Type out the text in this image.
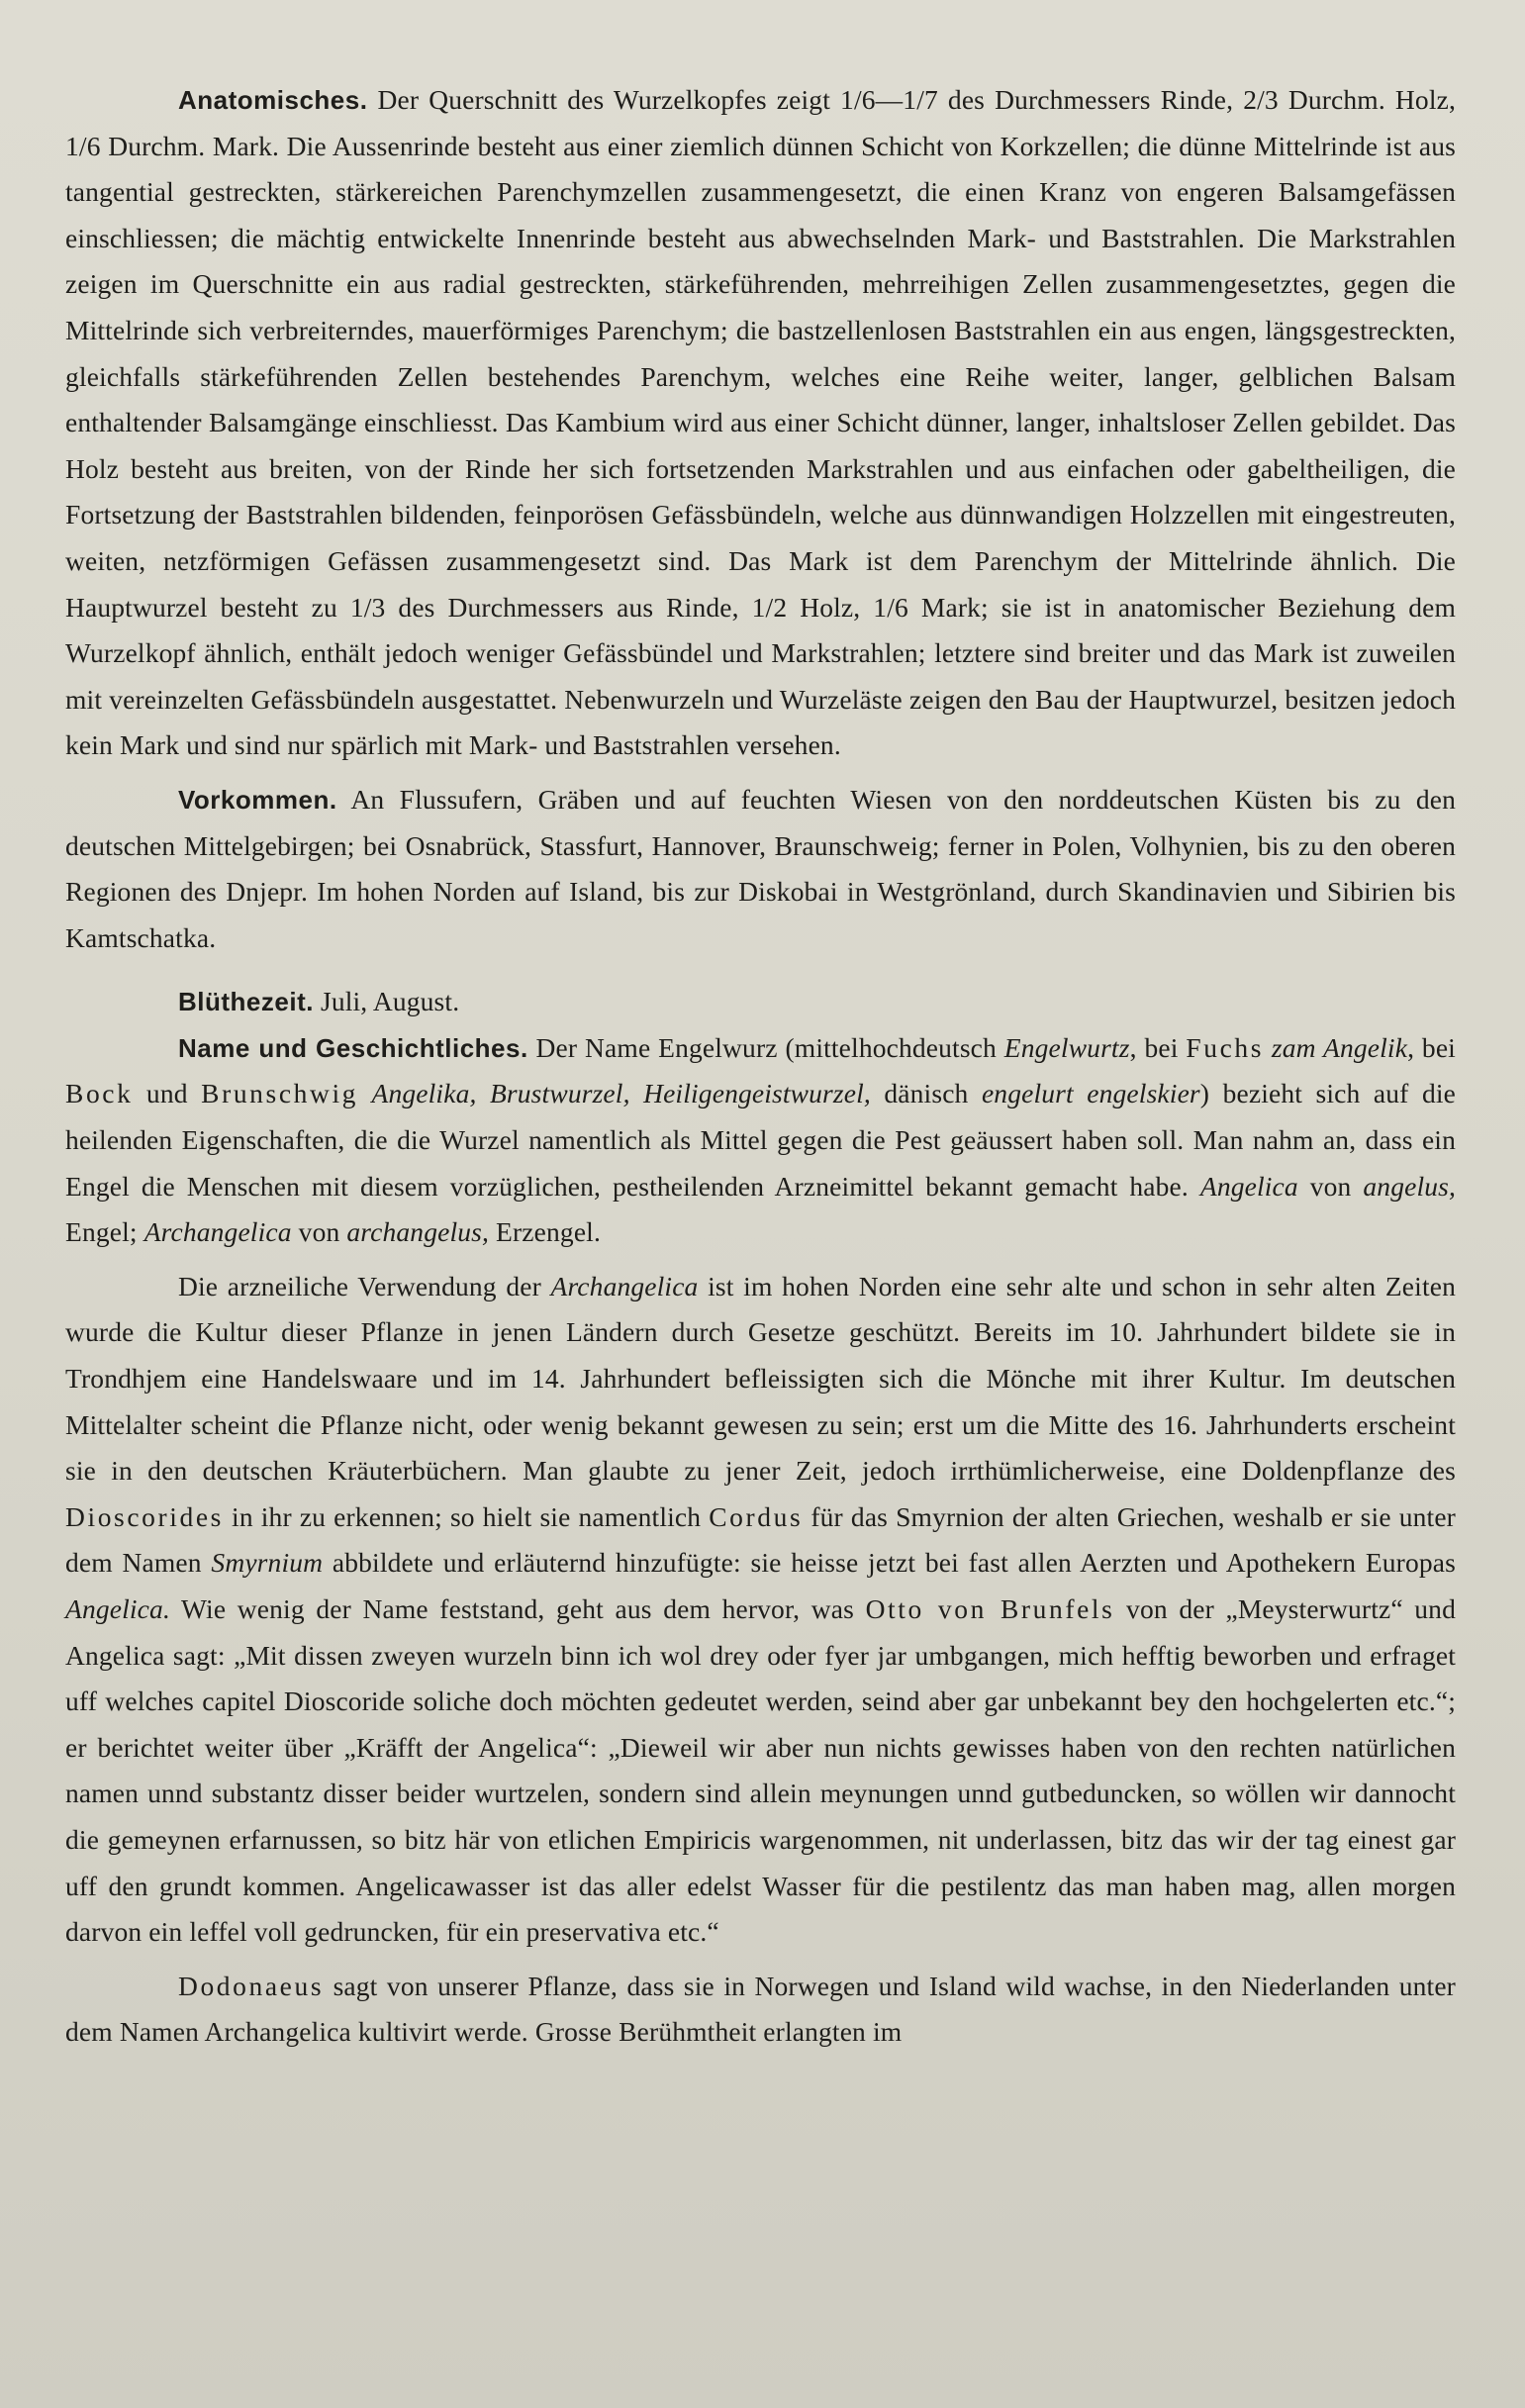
Anatomisches. Der Querschnitt des Wurzelkopfes zeigt 1/6—1/7 des Durchmessers Rinde, 2/3 Durchm. Holz, 1/6 Durchm. Mark. Die Aussenrinde besteht aus einer ziemlich dünnen Schicht von Korkzellen; die dünne Mittelrinde ist aus tangential gestreckten, stärkereichen Parenchymzellen zusammengesetzt, die einen Kranz von engeren Balsamgefässen einschliessen; die mächtig entwickelte Innenrinde besteht aus abwechselnden Mark- und Baststrahlen. Die Markstrahlen zeigen im Querschnitte ein aus radial gestreckten, stärkeführenden, mehrreihigen Zellen zusammengesetztes, gegen die Mittelrinde sich verbreiterndes, mauerförmiges Parenchym; die bastzellenlosen Baststrahlen ein aus engen, längsgestreckten, gleichfalls stärkeführenden Zellen bestehendes Parenchym, welches eine Reihe weiter, langer, gelblichen Balsam enthaltender Balsamgänge einschliesst. Das Kambium wird aus einer Schicht dünner, langer, inhaltsloser Zellen gebildet. Das Holz besteht aus breiten, von der Rinde her sich fortsetzenden Markstrahlen und aus einfachen oder gabeltheiligen, die Fortsetzung der Baststrahlen bildenden, feinporösen Gefässbündeln, welche aus dünnwandigen Holzzellen mit eingestreuten, weiten, netzförmigen Gefässen zusammengesetzt sind. Das Mark ist dem Parenchym der Mittelrinde ähnlich. Die Hauptwurzel besteht zu 1/3 des Durchmessers aus Rinde, 1/2 Holz, 1/6 Mark; sie ist in anatomischer Beziehung dem Wurzelkopf ähnlich, enthält jedoch weniger Gefässbündel und Markstrahlen; letztere sind breiter und das Mark ist zuweilen mit vereinzelten Gefässbündeln ausgestattet. Nebenwurzeln und Wurzeläste zeigen den Bau der Hauptwurzel, besitzen jedoch kein Mark und sind nur spärlich mit Mark- und Baststrahlen versehen.

Vorkommen. An Flussufern, Gräben und auf feuchten Wiesen von den norddeutschen Küsten bis zu den deutschen Mittelgebirgen; bei Osnabrück, Stassfurt, Hannover, Braunschweig; ferner in Polen, Volhynien, bis zu den oberen Regionen des Dnjepr. Im hohen Norden auf Island, bis zur Diskobai in Westgrönland, durch Skandinavien und Sibirien bis Kamtschatka.

Blüthezeit. Juli, August.

Name und Geschichtliches. Der Name Engelwurz (mittelhochdeutsch Engelwurtz, bei Fuchs zam Angelik, bei Bock und Brunschwig Angelika, Brustwurzel, Heiligengeistwurzel, dänisch engelurt engelskier) bezieht sich auf die heilenden Eigenschaften, die die Wurzel namentlich als Mittel gegen die Pest geäussert haben soll. Man nahm an, dass ein Engel die Menschen mit diesem vorzüglichen, pestheilenden Arzneimittel bekannt gemacht habe. Angelica von angelus, Engel; Archangelica von archangelus, Erzengel.

Die arzneiliche Verwendung der Archangelica ist im hohen Norden eine sehr alte und schon in sehr alten Zeiten wurde die Kultur dieser Pflanze in jenen Ländern durch Gesetze geschützt. Bereits im 10. Jahrhundert bildete sie in Trondhjem eine Handelswaare und im 14. Jahrhundert befleissigten sich die Mönche mit ihrer Kultur. Im deutschen Mittelalter scheint die Pflanze nicht, oder wenig bekannt gewesen zu sein; erst um die Mitte des 16. Jahrhunderts erscheint sie in den deutschen Kräuterbüchern. Man glaubte zu jener Zeit, jedoch irrthümlicherweise, eine Doldenpflanze des Dioscorides in ihr zu erkennen; so hielt sie namentlich Cordus für das Smyrnion der alten Griechen, weshalb er sie unter dem Namen Smyrnium abbildete und erläuternd hinzufügte: sie heisse jetzt bei fast allen Aerzten und Apothekern Europas Angelica. Wie wenig der Name feststand, geht aus dem hervor, was Otto von Brunfels von der „Meysterwurtz“ und Angelica sagt: „Mit dissen zweyen wurzeln binn ich wol drey oder fyer jar umbgangen, mich hefftig beworben und erfraget uff welches capitel Dioscoride soliche doch möchten gedeutet werden, seind aber gar unbekannt bey den hochgelerten etc.“; er berichtet weiter über „Kräfft der Angelica“: „Dieweil wir aber nun nichts gewisses haben von den rechten natürlichen namen unnd substantz disser beider wurtzelen, sondern sind allein meynungen unnd gutbeduncken, so wöllen wir dannocht die gemeynen erfarnussen, so bitz här von etlichen Empiricis wargenommen, nit underlassen, bitz das wir der tag einest gar uff den grundt kommen. Angelicawasser ist das aller edelst Wasser für die pestilentz das man haben mag, allen morgen darvon ein leffel voll gedruncken, für ein preservativa etc.“

Dodonaeus sagt von unserer Pflanze, dass sie in Norwegen und Island wild wachse, in den Niederlanden unter dem Namen Archangelica kultivirt werde. Grosse Berühmtheit erlangten im
